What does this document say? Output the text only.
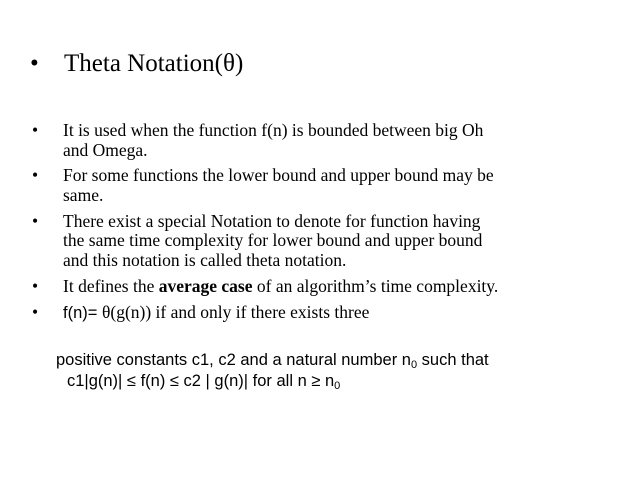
• Theta Notation(θ)
• It is used when the function f(n) is bounded between big Oh
and Omega.
• For some functions the lower bound and upper bound may be
same.
• There exist a special Notation to denote for function having
the same time complexity for lower bound and upper bound
and this notation is called theta notation.
• It defines the average case of an algorithm’s time complexity.
• f(n)= θ(g(n)) if and only if there exists three
positive constants c1, c2 and a natural number $n_0$ such that
c1|g(n)| ≤ f(n) ≤ c2 | g(n)| for all $n \ge n_0$
